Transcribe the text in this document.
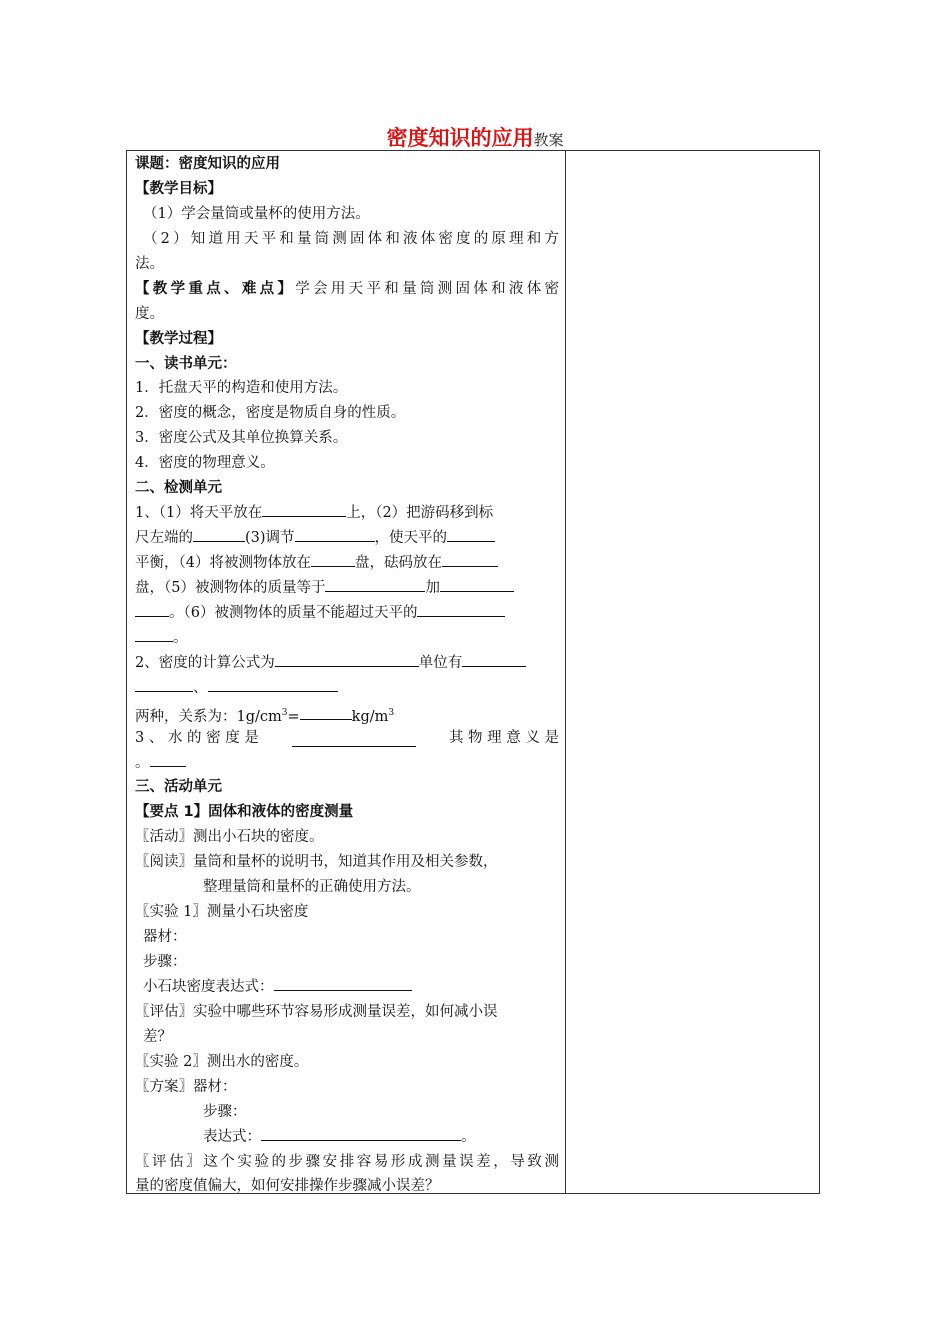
密度知识的应用教案
课题：密度知识的应用
【教学目标】
（1）学会量筒或量杯的使用方法。
（2）知道用天平和量筒测固体和液体密度的原理和方
法。
【教学重点、难点】学会用天平和量筒测固体和液体密
度。
【教学过程】
一、读书单元：
1．托盘天平的构造和使用方法。
2．密度的概念，密度是物质自身的性质。
3．密度公式及其单位换算关系。
4．密度的物理意义。
二、检测单元
1、（1）将天平放在	上，（2）把游码移到标
尺左端的	(3)调节	，使天平的
平衡，（4）将被测物体放在	盘，砝码放在
盘，（5）被测物体的质量等于	加
。（6）被测物体的质量不能超过天平的
。
2、密度的计算公式为	单位有
、
两种，关系为：$1g/cm^3=$	$kg/m^3$
3 、 水 的 密 度 是	其 物 理 意 义 是
。
三、活动单元
【要点 1】固体和液体的密度测量
〖活动〗测出小石块的密度。
〖阅读〗量筒和量杯的说明书，知道其作用及相关参数，
整理量筒和量杯的正确使用方法。
〖实验 1〗测量小石块密度
器材：
步骤：
小石块密度表达式：
〖评估〗实验中哪些环节容易形成测量误差，如何减小误
差？
〖实验 2〗测出水的密度。
〖方案〗器材：
步骤：
表达式：	。
〖评估〗这个实验的步骤安排容易形成测量误差，导致测
量的密度值偏大，如何安排操作步骤减小误差？
